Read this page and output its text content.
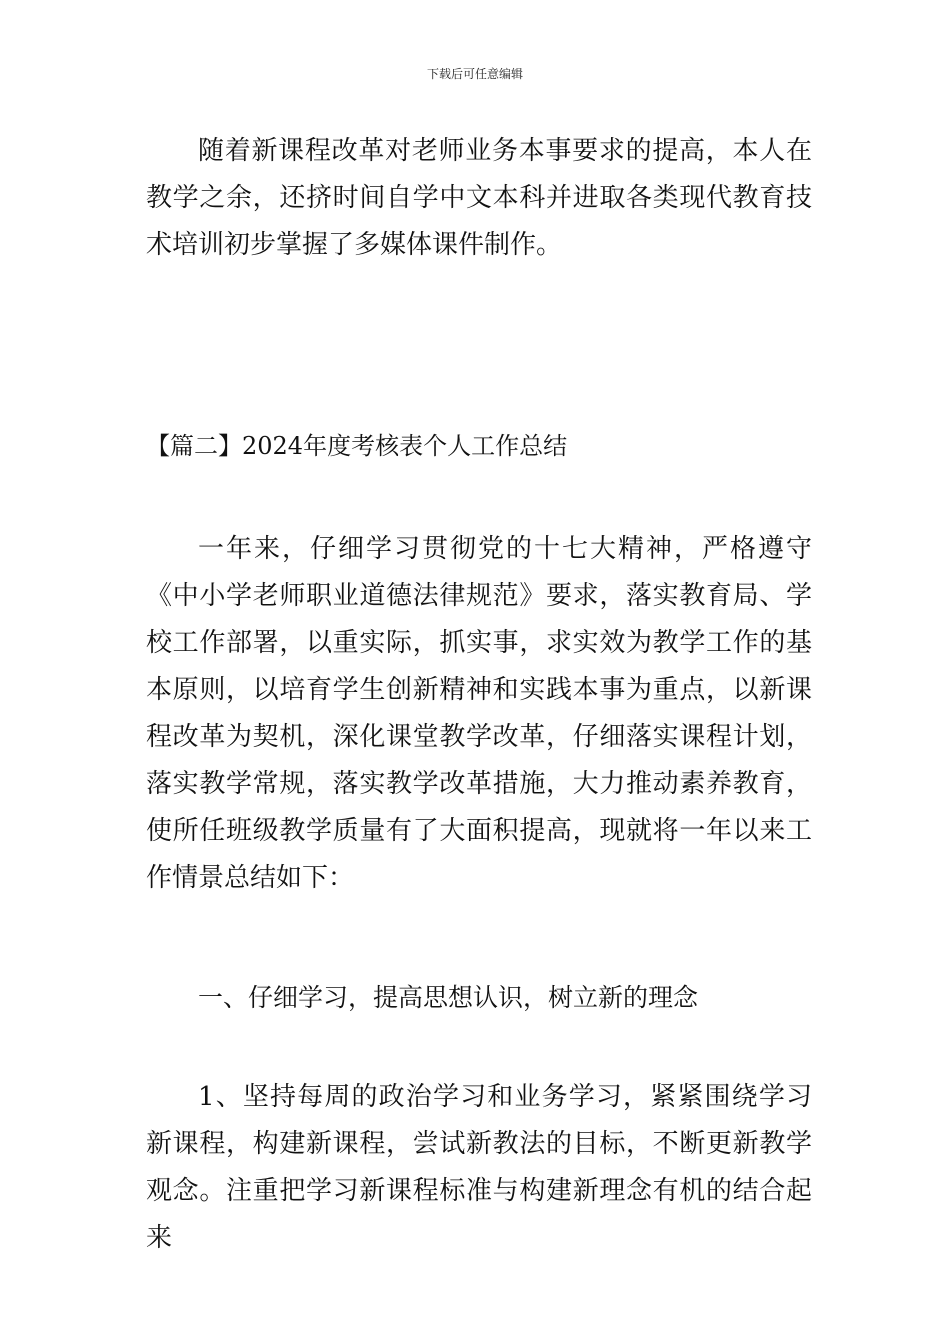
下载后可任意编辑

随着新课程改革对老师业务本事要求的提高，本人在教学之余，还挤时间自学中文本科并进取各类现代教育技术培训初步掌握了多媒体课件制作。

【篇二】2024年度考核表个人工作总结

一年来，仔细学习贯彻党的十七大精神，严格遵守《中小学老师职业道德法律规范》要求，落实教育局、学校工作部署，以重实际，抓实事，求实效为教学工作的基本原则，以培育学生创新精神和实践本事为重点，以新课程改革为契机，深化课堂教学改革，仔细落实课程计划，落实教学常规，落实教学改革措施，大力推动素养教育，使所任班级教学质量有了大面积提高，现就将一年以来工作情景总结如下：

一、仔细学习，提高思想认识，树立新的理念

1、坚持每周的政治学习和业务学习，紧紧围绕学习新课程，构建新课程，尝试新教法的目标，不断更新教学观念。注重把学习新课程标准与构建新理念有机的结合起来
